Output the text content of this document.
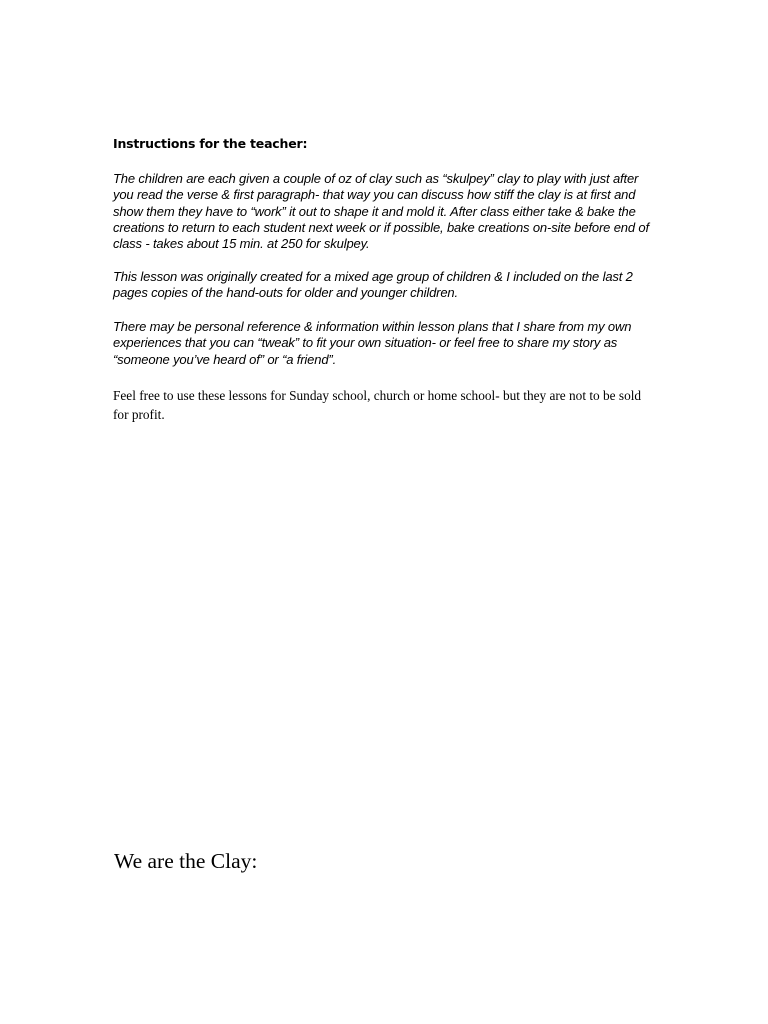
Instructions for the teacher:

The children are each given a couple of oz of clay such as “skulpey” clay to play with just after you read the verse & first paragraph- that way you can discuss how stiff the clay is at first and show them they have to “work” it out to shape it and mold it. After class either take & bake the creations to return to each student next week or if possible, bake creations on-site before end of class - takes about 15 min. at 250 for skulpey.

This lesson was originally created for a mixed age group of children & I included on the last 2 pages copies of the hand-outs for older and younger children.

There may be personal reference & information within lesson plans that I share from my own experiences that you can “tweak” to fit your own situation- or feel free to share my story as “someone you’ve heard of” or “a friend”.

Feel free to use these lessons for Sunday school, church or home school- but they are not to be sold for profit.

We are the Clay:
